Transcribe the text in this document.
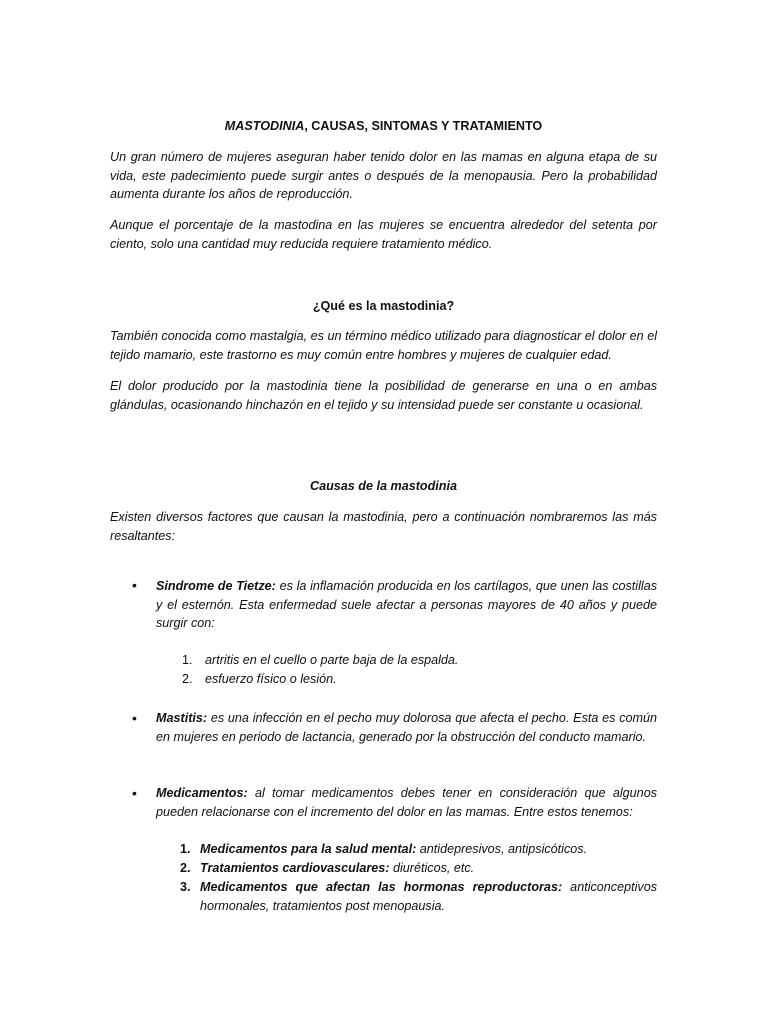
MASTODINIA, CAUSAS, SINTOMAS Y TRATAMIENTO

Un gran número de mujeres aseguran haber tenido dolor en las mamas en alguna etapa de su vida, este padecimiento puede surgir antes o después de la menopausia. Pero la probabilidad aumenta durante los años de reproducción.

Aunque el porcentaje de la mastodina en las mujeres se encuentra alrededor del setenta por ciento, solo una cantidad muy reducida requiere tratamiento médico.

¿Qué es la mastodinia?

También conocida como mastalgia, es un término médico utilizado para diagnosticar el dolor en el tejido mamario, este trastorno es muy común entre hombres y mujeres de cualquier edad.

El dolor producido por la mastodinia tiene la posibilidad de generarse en una o en ambas glándulas, ocasionando hinchazón en el tejido y su intensidad puede ser constante u ocasional.

Causas de la mastodinia

Existen diversos factores que causan la mastodinia, pero a continuación nombraremos las más resaltantes:

• Sindrome de Tietze: es la inflamación producida en los cartílagos, que unen las costillas y el esternón. Esta enfermedad suele afectar a personas mayores de 40 años y puede surgir con:

1. artritis en el cuello o parte baja de la espalda.
2. esfuerzo físico o lesión.
• Mastitis: es una infección en el pecho muy dolorosa que afecta el pecho. Esta es común en mujeres en periodo de lactancia, generado por la obstrucción del conducto mamario.

• Medicamentos: al tomar medicamentos debes tener en consideración que algunos pueden relacionarse con el incremento del dolor en las mamas. Entre estos tenemos:

1. Medicamentos para la salud mental: antidepresivos, antipsicóticos.
2. Tratamientos cardiovasculares: diuréticos, etc.
3. Medicamentos que afectan las hormonas reproductoras: anticonceptivos hormonales, tratamientos post menopausia.
